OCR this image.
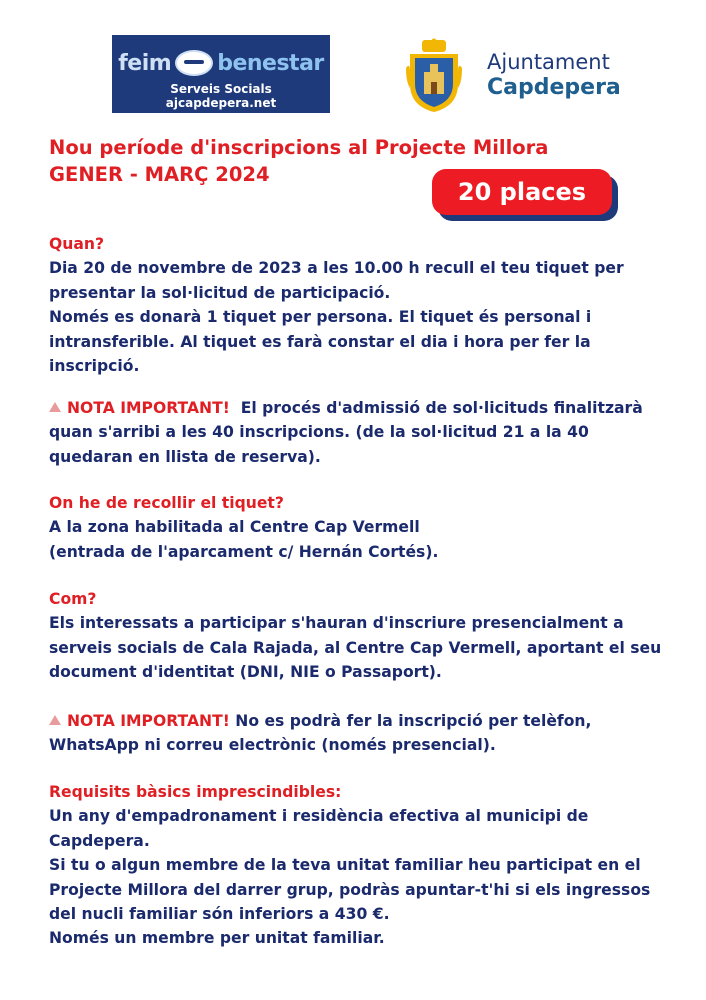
feim benestar
Serveis Socials
ajcapdepera.net
Ajuntament
Capdepera
Nou període d'inscripcions al Projecte Millora
GENER - MARÇ 2024
20 places
Quan?
Dia 20 de novembre de 2023 a les 10.00 h recull el teu tiquet per
presentar la sol·licitud de participació.
Només es donarà 1 tiquet per persona. El tiquet és personal i
intransferible. Al tiquet es farà constar el dia i hora per fer la
inscripció.
NOTA IMPORTANT! El procés d'admissió de sol·licituds finalitzarà
quan s'arribi a les 40 inscripcions. (de la sol·licitud 21 a la 40
quedaran en llista de reserva).
On he de recollir el tiquet?
A la zona habilitada al Centre Cap Vermell
(entrada de l'aparcament c/ Hernán Cortés).
Com?
Els interessats a participar s'hauran d'inscriure presencialment a
serveis socials de Cala Rajada, al Centre Cap Vermell, aportant el seu
document d'identitat (DNI, NIE o Passaport).
NOTA IMPORTANT! No es podrà fer la inscripció per telèfon,
WhatsApp ni correu electrònic (només presencial).
Requisits bàsics imprescindibles:
Un any d'empadronament i residència efectiva al municipi de
Capdepera.
Si tu o algun membre de la teva unitat familiar heu participat en el
Projecte Millora del darrer grup, podràs apuntar-t'hi si els ingressos
del nucli familiar són inferiors a 430 €.
Només un membre per unitat familiar.
